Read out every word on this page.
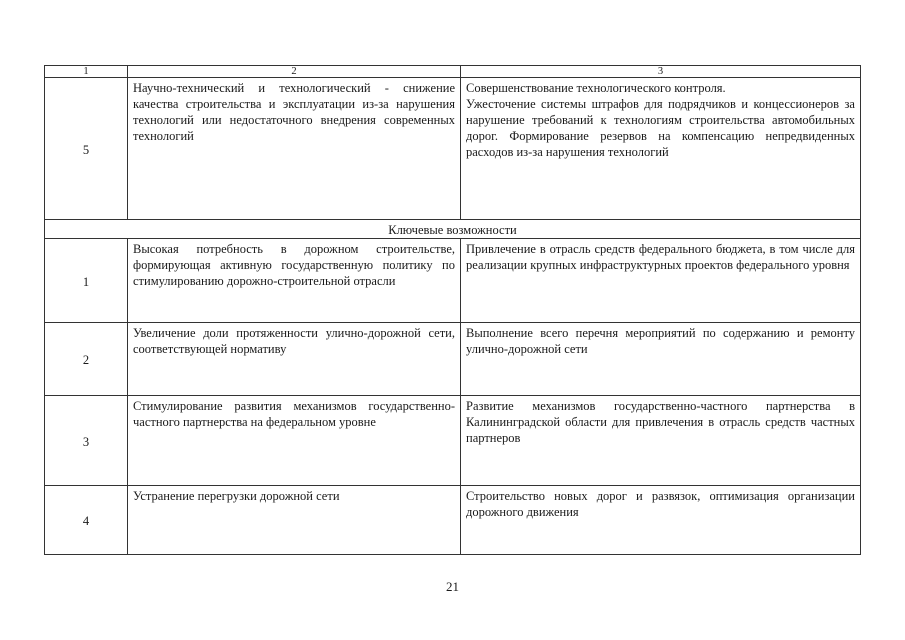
1	2	3
5	Научно-технический и технологический - снижение качества строительства и эксплуатации из-за нарушения технологий или недостаточного внедрения современных технологий	Совершенствование технологического контроля.
Ужесточение системы штрафов для подрядчиков и концессионеров за нарушение требований к технологиям строительства автомобильных дорог. Формирование резервов на компенсацию непредвиденных расходов из-за нарушения технологий

Ключевые возможности		
1	Высокая потребность в дорожном строительстве, формирующая активную государственную политику по стимулированию дорожно-строительной отрасли	Привлечение в отрасль средств федерального бюджета, в том числе для реализации крупных инфраструктурных проектов федерального уровня
2	Увеличение доли протяженности улично-дорожной сети, соответствующей нормативу	Выполнение всего перечня мероприятий по содержанию и ремонту улично-дорожной сети
3	Стимулирование развития механизмов государственно-частного партнерства на федеральном уровне	Развитие механизмов государственно-частного партнерства в Калининградской области для привлечения в отрасль средств частных партнеров
4	Устранение перегрузки дорожной сети	Строительство новых дорог и развязок, оптимизация организации дорожного движения
21
